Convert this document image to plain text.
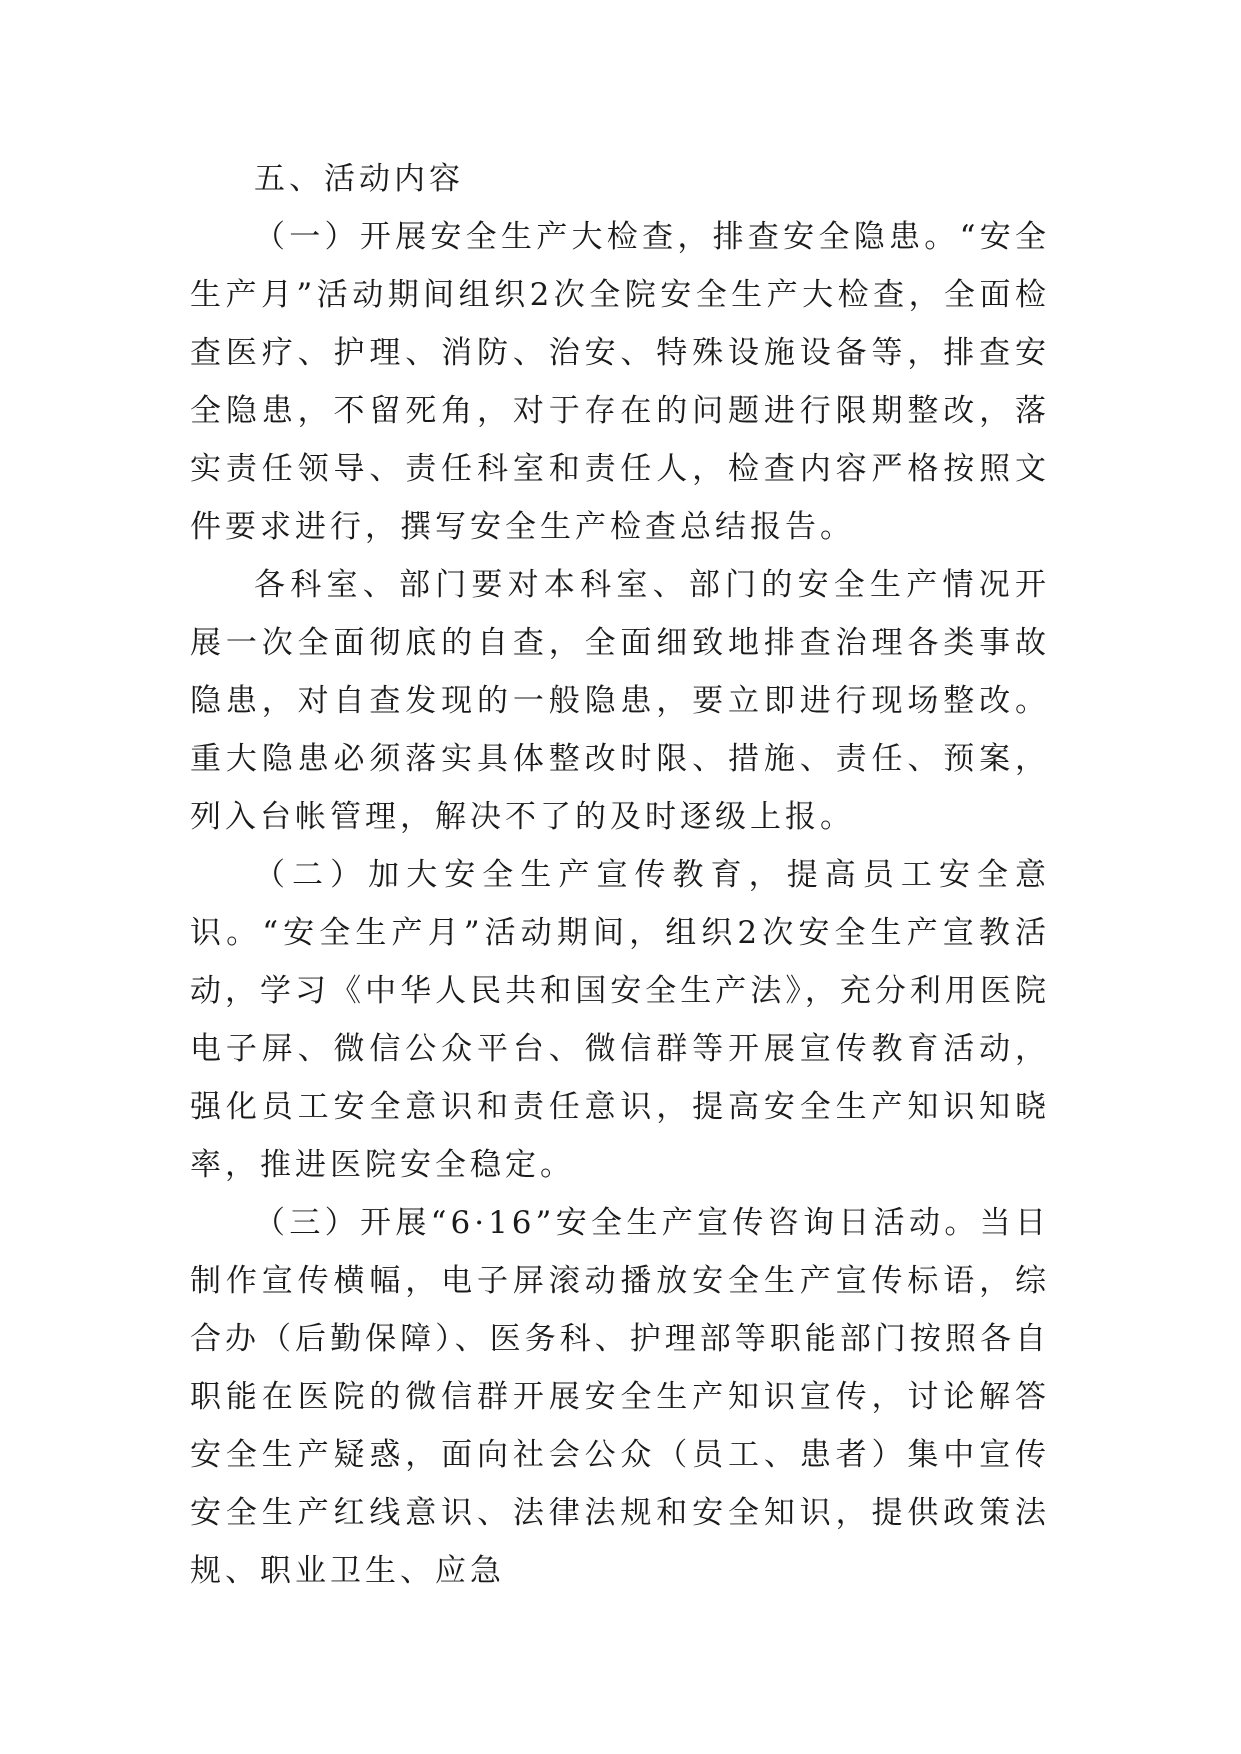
五、活动内容

（一）开展安全生产大检查，排查安全隐患。“安全生产月”活动期间组织2次全院安全生产大检查，全面检查医疗、护理、消防、治安、特殊设施设备等，排查安全隐患，不留死角，对于存在的问题进行限期整改，落实责任领导、责任科室和责任人，检查内容严格按照文件要求进行，撰写安全生产检查总结报告。

各科室、部门要对本科室、部门的安全生产情况开展一次全面彻底的自查，全面细致地排查治理各类事故隐患，对自查发现的一般隐患，要立即进行现场整改。重大隐患必须落实具体整改时限、措施、责任、预案，列入台帐管理，解决不了的及时逐级上报。

（二）加大安全生产宣传教育，提高员工安全意识。“安全生产月”活动期间，组织2次安全生产宣教活动，学习《中华人民共和国安全生产法》，充分利用医院电子屏、微信公众平台、微信群等开展宣传教育活动，强化员工安全意识和责任意识，提高安全生产知识知晓率，推进医院安全稳定。

（三）开展“6·16”安全生产宣传咨询日活动。当日制作宣传横幅，电子屏滚动播放安全生产宣传标语，综合办（后勤保障）、医务科、护理部等职能部门按照各自职能在医院的微信群开展安全生产知识宣传，讨论解答安全生产疑惑，面向社会公众（员工、患者）集中宣传安全生产红线意识、法律法规和安全知识，提供政策法规、职业卫生、应急
